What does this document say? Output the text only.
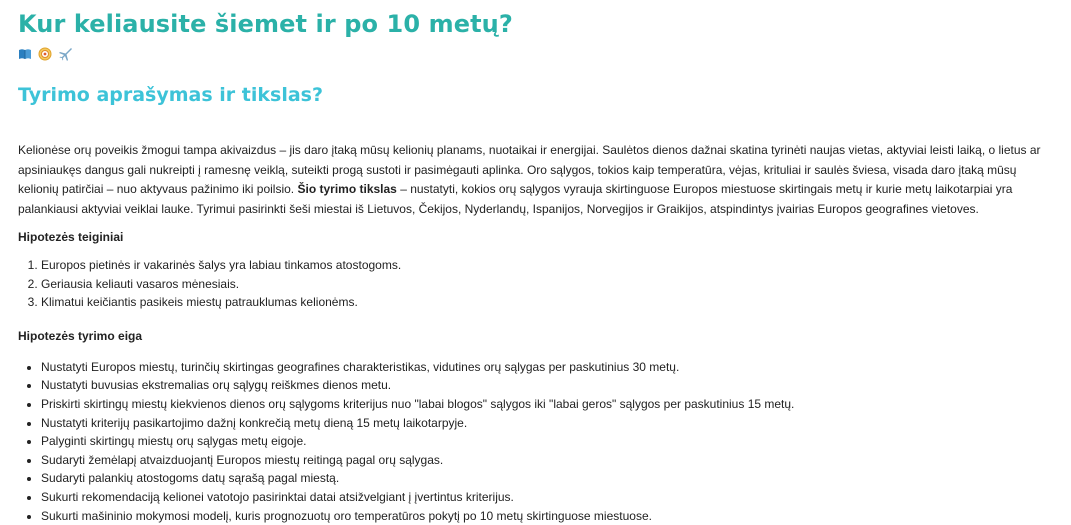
Kur keliausite šiemet ir po 10 metų?
Tyrimo aprašymas ir tikslas?

Kelionėse orų poveikis žmogui tampa akivaizdus – jis daro įtaką mūsų kelionių planams, nuotaikai ir energijai. Saulėtos dienos dažnai skatina tyrinėti naujas vietas, aktyviai leisti laiką, o lietus ar apsiniaukęs dangus gali nukreipti į ramesnę veiklą, suteikti progą sustoti ir pasimėgauti aplinka. Oro sąlygos, tokios kaip temperatūra, vėjas, krituliai ir saulės šviesa, visada daro įtaką mūsų kelionių patirčiai – nuo aktyvaus pažinimo iki poilsio. Šio tyrimo tikslas – nustatyti, kokios orų sąlygos vyrauja skirtinguose Europos miestuose skirtingais metų ir kurie metų laikotarpiai yra palankiausi aktyviai veiklai lauke. Tyrimui pasirinkti šeši miestai iš Lietuvos, Čekijos, Nyderlandų, Ispanijos, Norvegijos ir Graikijos, atspindintys įvairias Europos geografines vietoves.

Hipotezės teiginiai
1. Europos pietinės ir vakarinės šalys yra labiau tinkamos atostogoms.
2. Geriausia keliauti vasaros mėnesiais.
3. Klimatui keičiantis pasikeis miestų patrauklumas kelionėms.
Hipotezės tyrimo eiga
• Nustatyti Europos miestų, turinčių skirtingas geografines charakteristikas, vidutines orų sąlygas per paskutinius 30 metų.
• Nustatyti buvusias ekstremalias orų sąlygų reiškmes dienos metu.
• Priskirti skirtingų miestų kiekvienos dienos orų sąlygoms kriterijus nuo "labai blogos" sąlygos iki "labai geros" sąlygos per paskutinius 15 metų.
• Nustatyti kriterijų pasikartojimo dažnį konkrečią metų dieną 15 metų laikotarpyje.
• Palyginti skirtingų miestų orų sąlygas metų eigoje.
• Sudaryti žemėlapį atvaizduojantį Europos miestų reitingą pagal orų sąlygas.
• Sudaryti palankių atostogoms datų sąrašą pagal miestą.
• Sukurti rekomendaciją kelionei vatotojo pasirinktai datai atsižvelgiant į įvertintus kriterijus.
• Sukurti mašininio mokymosi modelį, kuris prognozuotų oro temperatūros pokytį po 10 metų skirtinguose miestuose.
